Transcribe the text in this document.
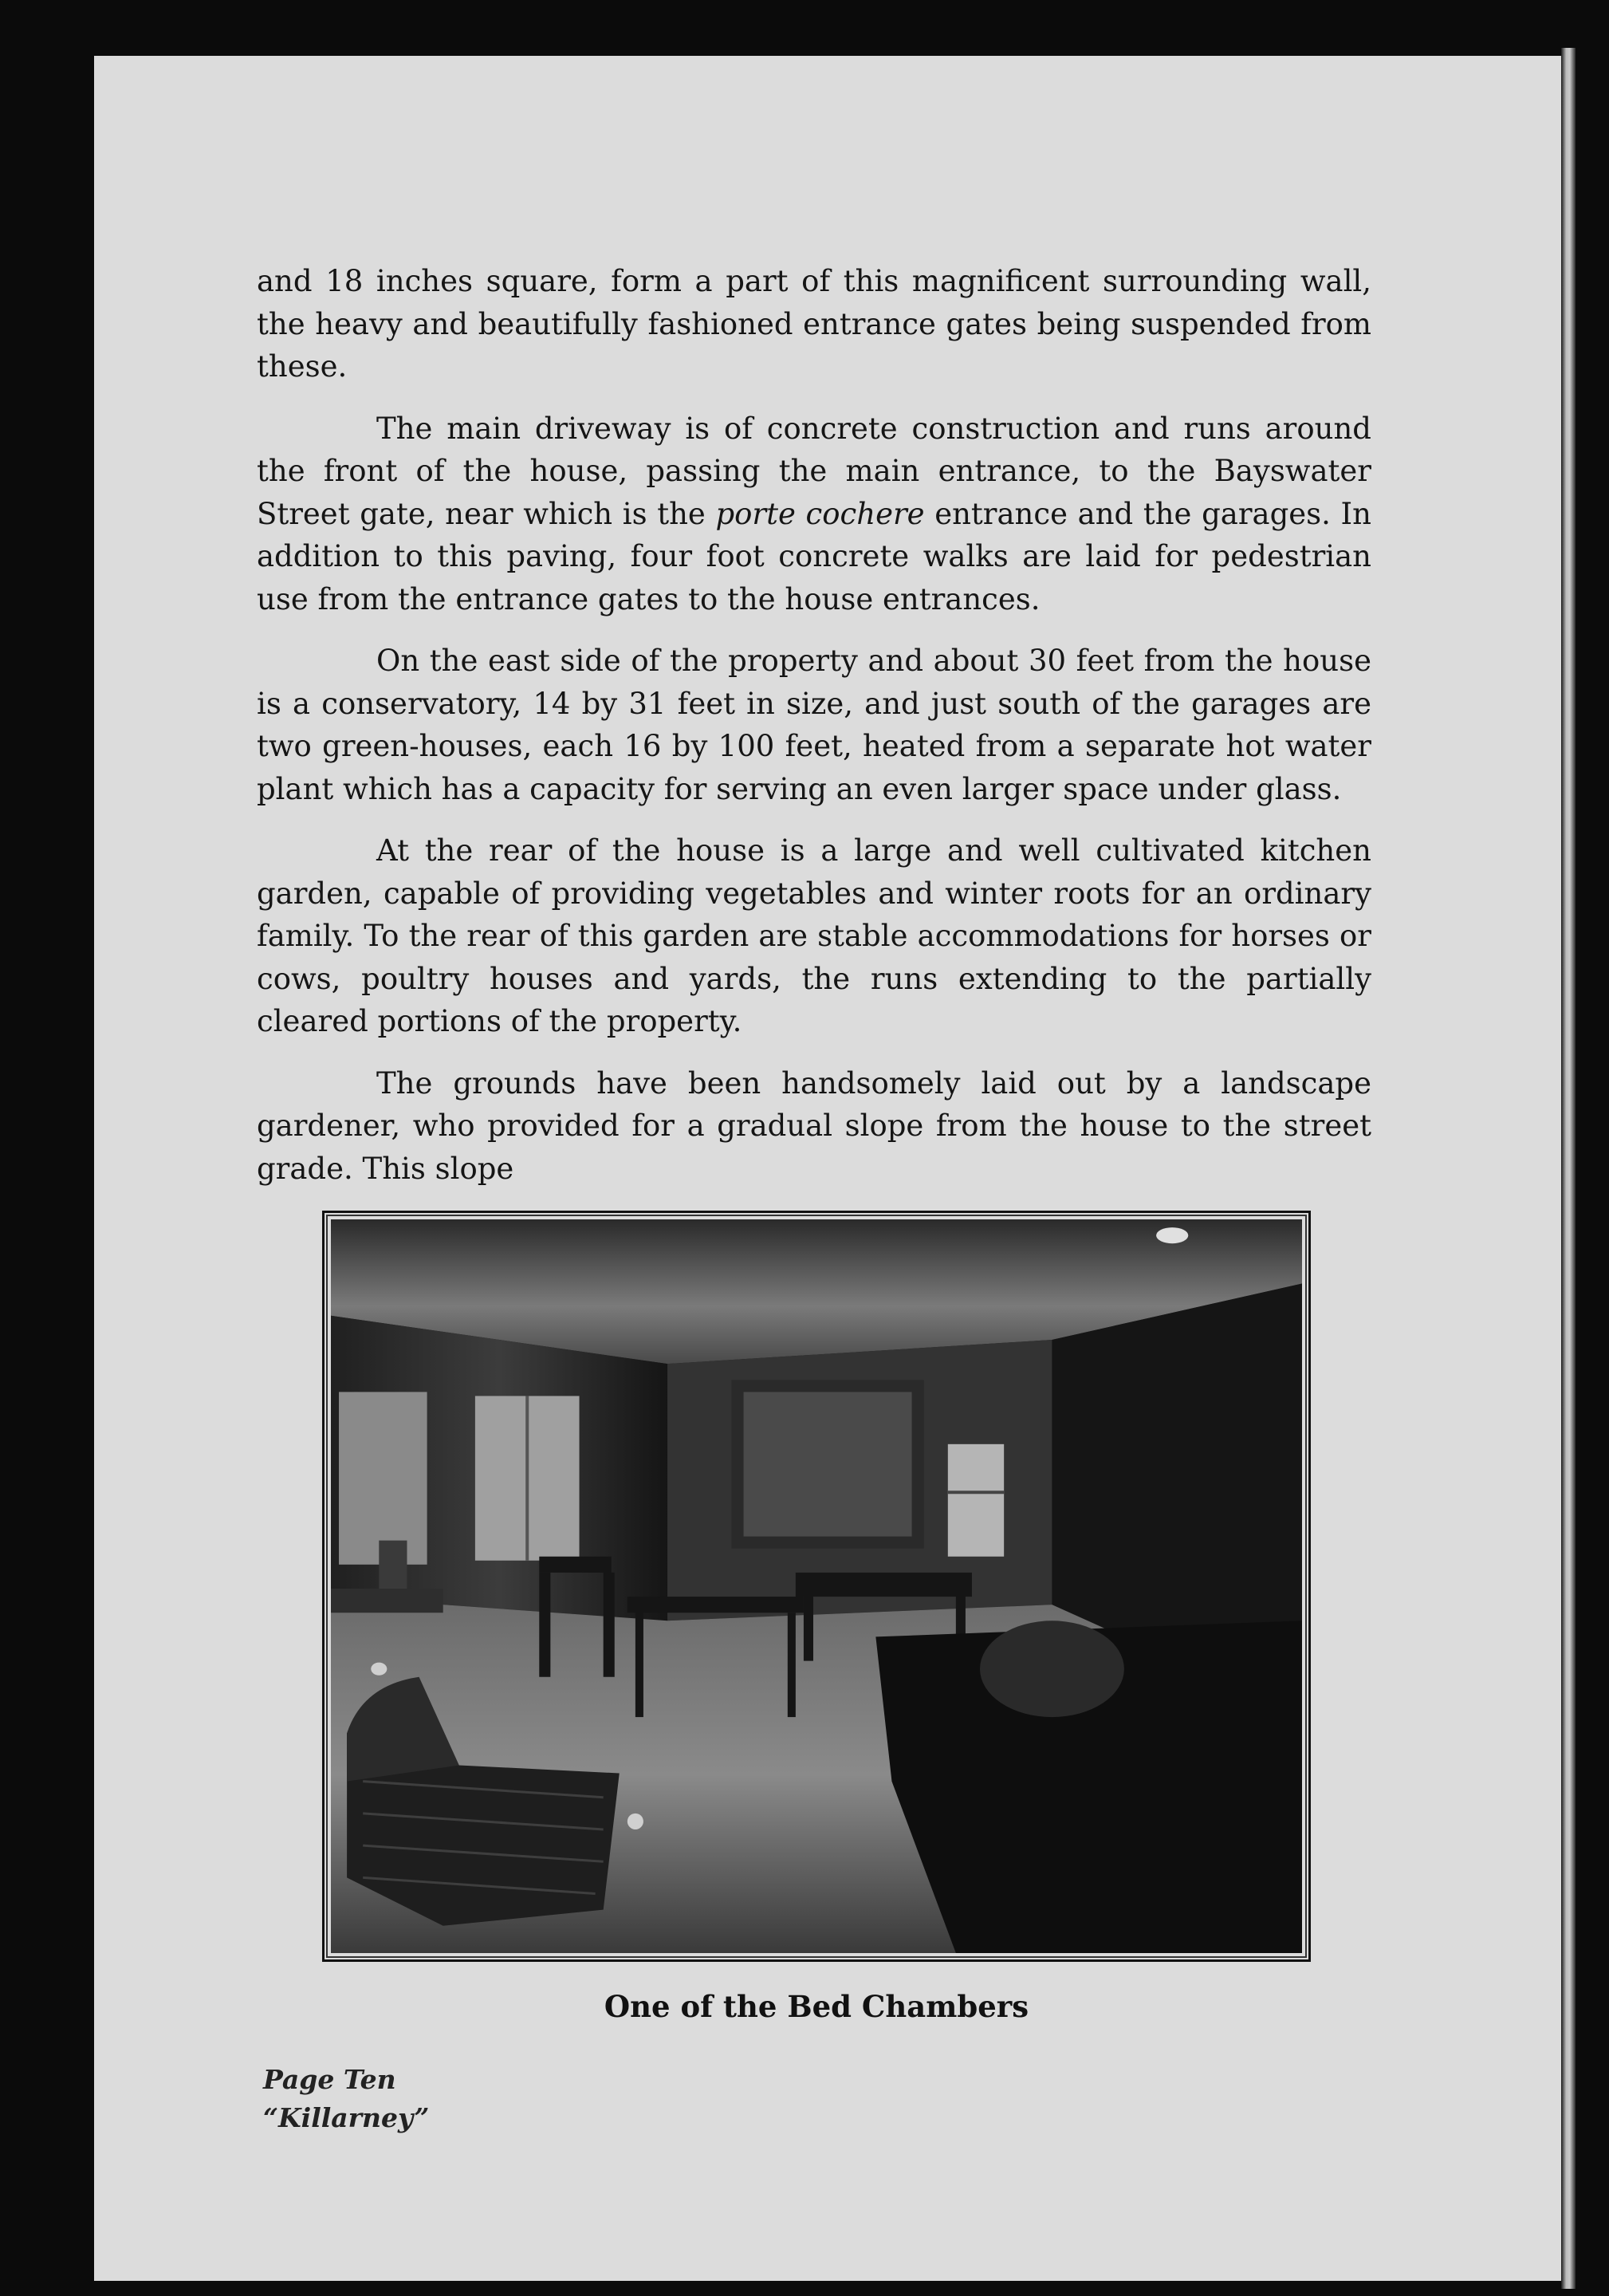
and 18 inches square, form a part of this magnificent surrounding wall, the heavy and beautifully fashioned entrance gates being suspended from these.

The main driveway is of concrete construction and runs around the front of the house, passing the main entrance, to the Bayswater Street gate, near which is the porte cochere entrance and the garages. In addition to this paving, four foot concrete walks are laid for pedestrian use from the entrance gates to the house entrances.

On the east side of the property and about 30 feet from the house is a conservatory, 14 by 31 feet in size, and just south of the garages are two green-houses, each 16 by 100 feet, heated from a separate hot water plant which has a capacity for serving an even larger space under glass.

At the rear of the house is a large and well cultivated kitchen garden, capable of providing vegetables and winter roots for an ordinary family. To the rear of this garden are stable accommodations for horses or cows, poultry houses and yards, the runs extending to the partially cleared portions of the property.

The grounds have been handsomely laid out by a landscape gardener, who provided for a gradual slope from the house to the street grade. This slope

One of the Bed Chambers
Page Ten
“Killarney”
